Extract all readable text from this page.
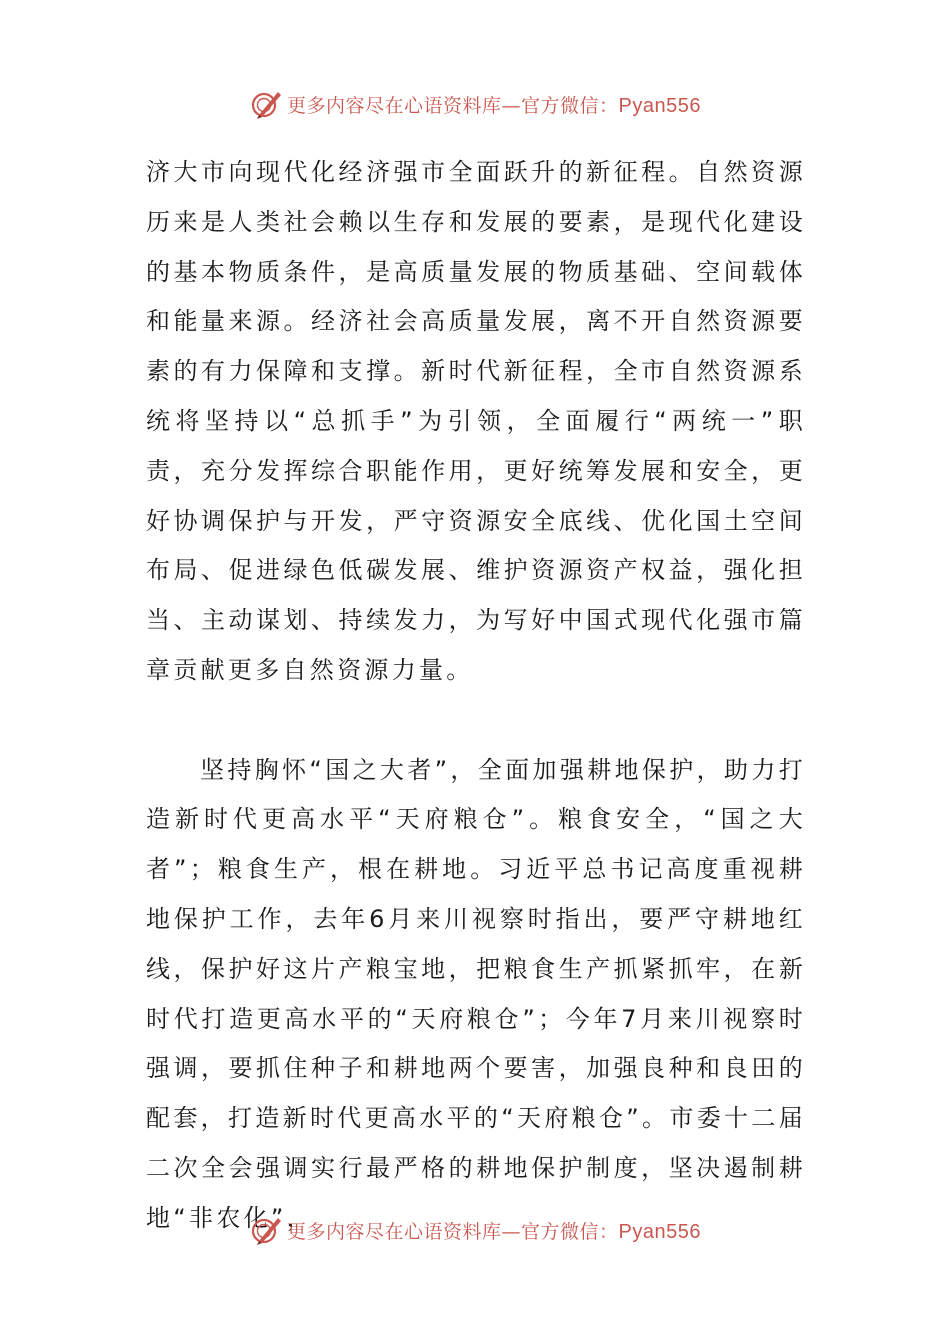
更多内容尽在心语资料库—官方微信：Pyan556

济大市向现代化经济强市全面跃升的新征程。自然资源历来是人类社会赖以生存和发展的要素，是现代化建设的基本物质条件，是高质量发展的物质基础、空间载体和能量来源。经济社会高质量发展，离不开自然资源要素的有力保障和支撑。新时代新征程，全市自然资源系统将坚持以“总抓手”为引领，全面履行“两统一”职责，充分发挥综合职能作用，更好统筹发展和安全，更好协调保护与开发，严守资源安全底线、优化国土空间布局、促进绿色低碳发展、维护资源资产权益，强化担当、主动谋划、持续发力，为写好中国式现代化强市篇章贡献更多自然资源力量。

坚持胸怀“国之大者”，全面加强耕地保护，助力打造新时代更高水平“天府粮仓”。粮食安全，“国之大者”；粮食生产，根在耕地。习近平总书记高度重视耕地保护工作，去年6月来川视察时指出，要严守耕地红线，保护好这片产粮宝地，把粮食生产抓紧抓牢，在新时代打造更高水平的“天府粮仓”；今年7月来川视察时强调，要抓住种子和耕地两个要害，加强良种和良田的配套，打造新时代更高水平的“天府粮仓”。市委十二届二次全会强调实行最严格的耕地保护制度，坚决遏制耕地“非农化”，

更多内容尽在心语资料库—官方微信：Pyan556
